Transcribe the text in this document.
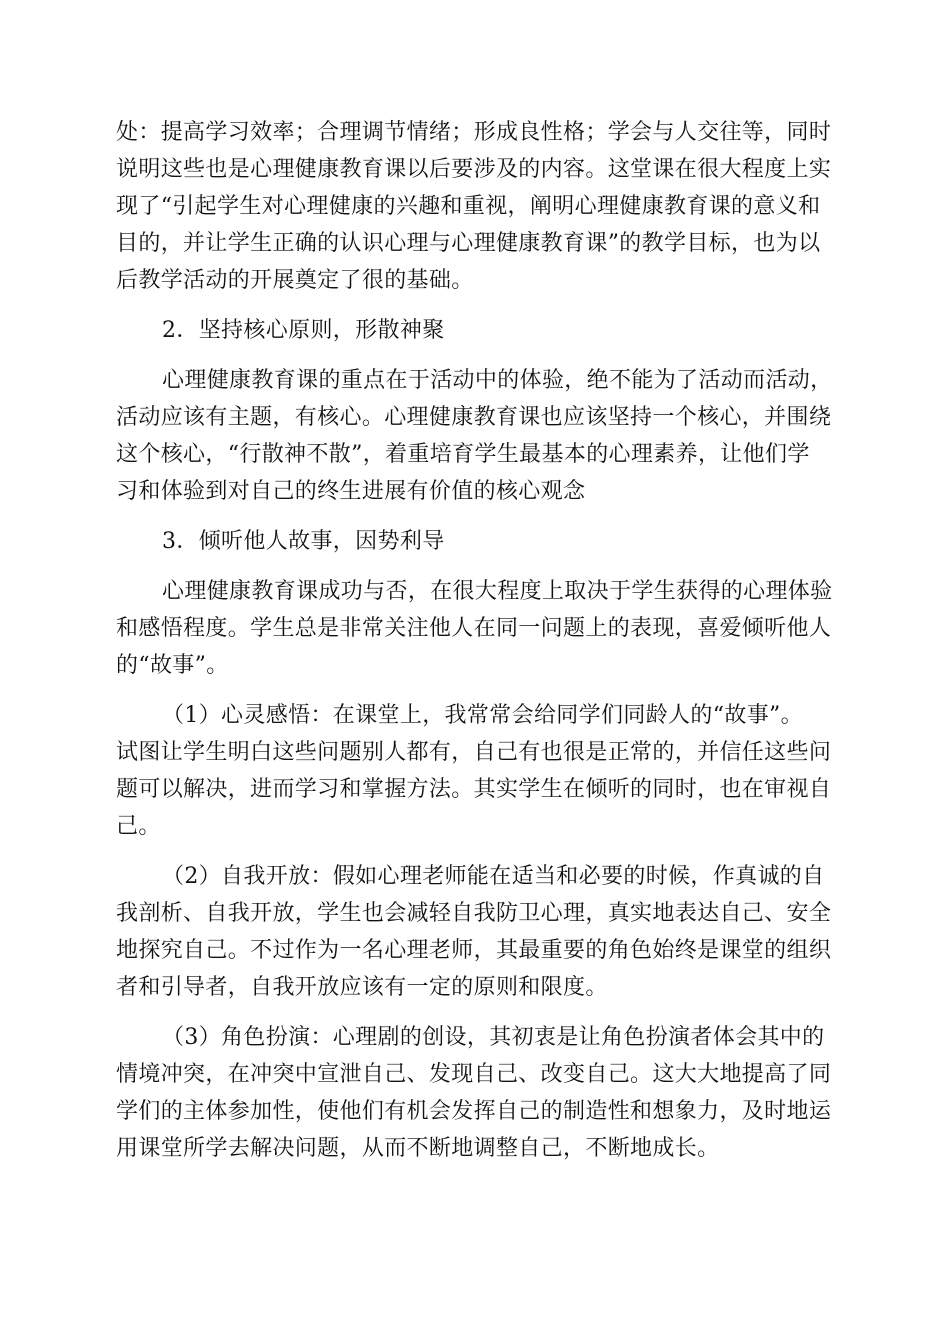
处：提高学习效率；合理调节情绪；形成良性格；学会与人交往等，同时
说明这些也是心理健康教育课以后要涉及的内容。这堂课在很大程度上实
现了“引起学生对心理健康的兴趣和重视，阐明心理健康教育课的意义和
目的，并让学生正确的认识心理与心理健康教育课”的教学目标，也为以
后教学活动的开展奠定了很的基础。
2．坚持核心原则，形散神聚
心理健康教育课的重点在于活动中的体验，绝不能为了活动而活动，
活动应该有主题，有核心。心理健康教育课也应该坚持一个核心，并围绕
这个核心，“行散神不散”，着重培育学生最基本的心理素养，让他们学
习和体验到对自己的终生进展有价值的核心观念
3．倾听他人故事，因势利导
心理健康教育课成功与否，在很大程度上取决于学生获得的心理体验
和感悟程度。学生总是非常关注他人在同一问题上的表现，喜爱倾听他人
的“故事”。
（1）心灵感悟：在课堂上，我常常会给同学们同龄人的“故事”。
试图让学生明白这些问题别人都有，自己有也很是正常的，并信任这些问
题可以解决，进而学习和掌握方法。其实学生在倾听的同时，也在审视自
己。
（2）自我开放：假如心理老师能在适当和必要的时候，作真诚的自
我剖析、自我开放，学生也会减轻自我防卫心理，真实地表达自己、安全
地探究自己。不过作为一名心理老师，其最重要的角色始终是课堂的组织
者和引导者，自我开放应该有一定的原则和限度。
（3）角色扮演：心理剧的创设，其初衷是让角色扮演者体会其中的
情境冲突，在冲突中宣泄自己、发现自己、改变自己。这大大地提高了同
学们的主体参加性，使他们有机会发挥自己的制造性和想象力，及时地运
用课堂所学去解决问题，从而不断地调整自己，不断地成长。
